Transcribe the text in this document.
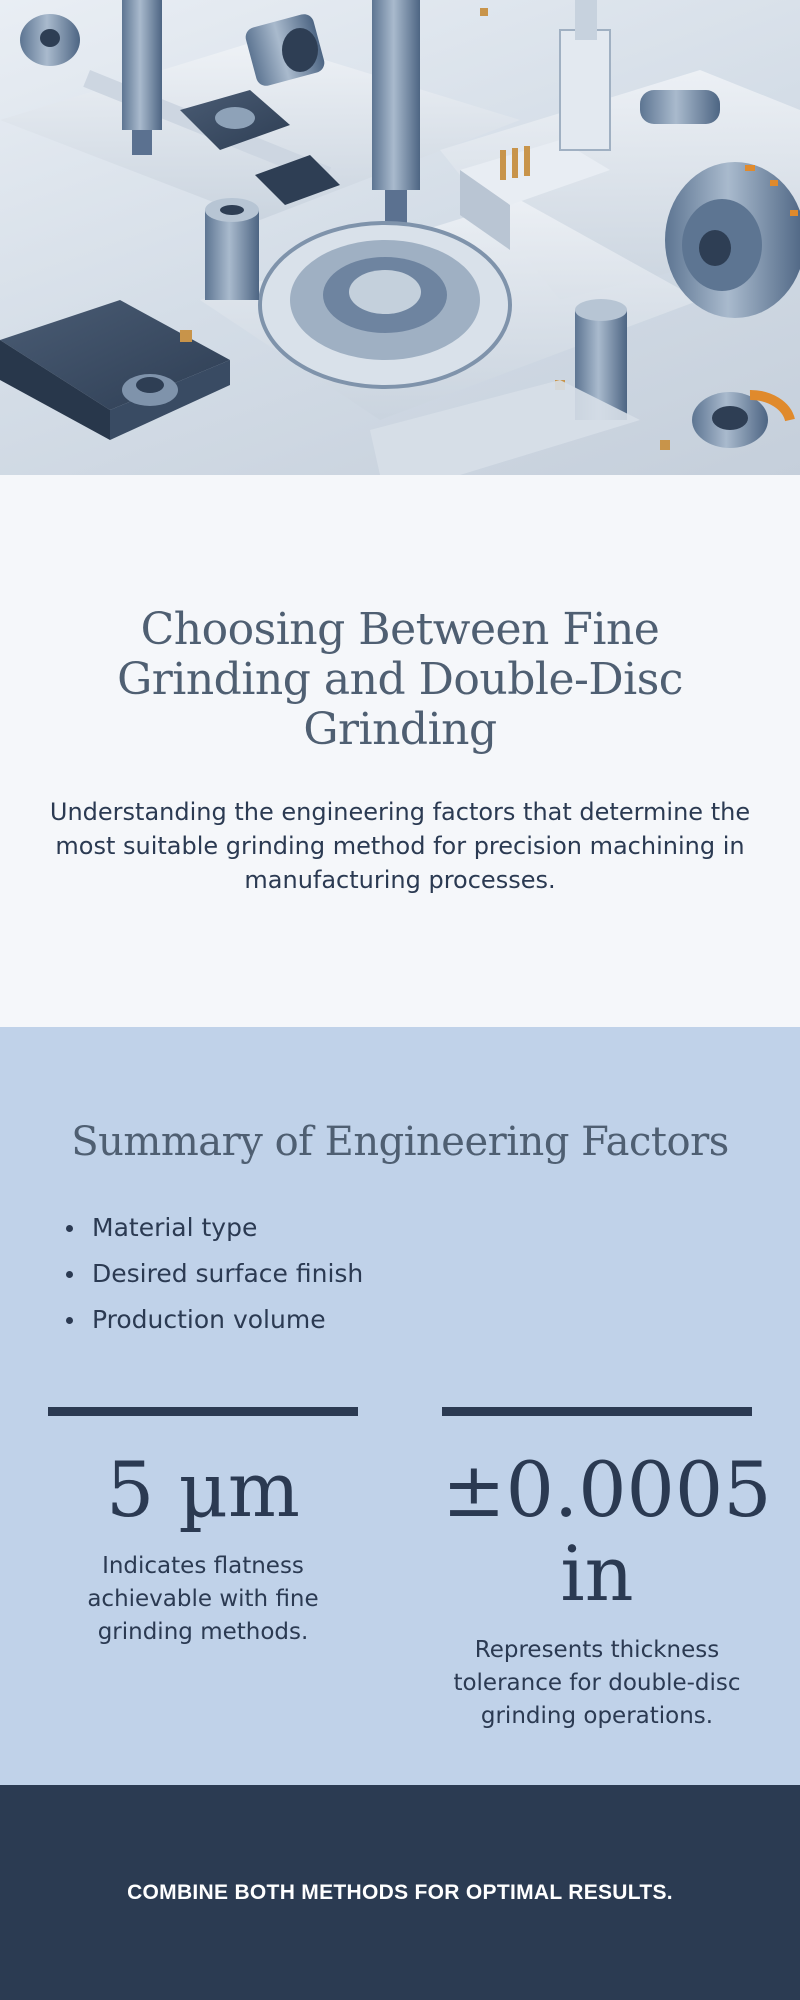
Choosing Between Fine Grinding and Double-Disc Grinding

Understanding the engineering factors that determine the most suitable grinding method for precision machining in manufacturing processes.

Summary of Engineering Factors
Material type
Desired surface finish
Production volume
5 µm
Indicates flatness achievable with fine grinding methods.
±0.0005 in
Represents thickness tolerance for double-disc grinding operations.
COMBINE BOTH METHODS FOR OPTIMAL RESULTS.
